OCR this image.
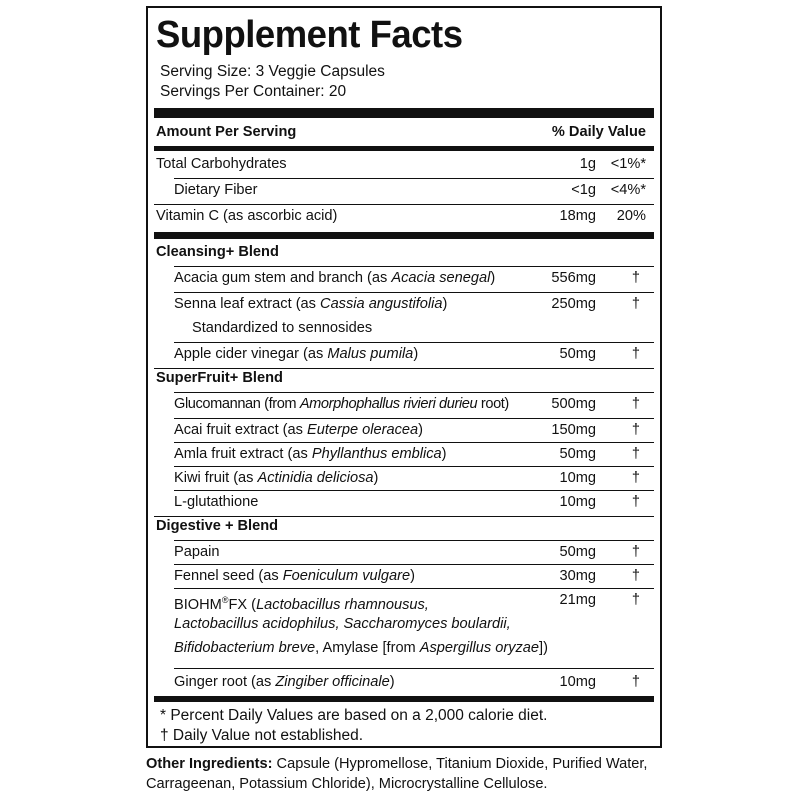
Supplement Facts
Serving Size: 3 Veggie Capsules
Servings Per Container: 20
Amount Per Serving	% Daily Value
Total Carbohydrates	1g <1%*
Dietary Fiber	<1g <4%*
Vitamin C (as ascorbic acid)	18mg 20%
Cleansing+ Blend
Acacia gum stem and branch (as Acacia senegal)	556mg †
Senna leaf extract (as Cassia angustifolia)	250mg †
Standardized to sennosides
Apple cider vinegar (as Malus pumila)	50mg †
SuperFruit+ Blend
Glucomannan (from Amorphophallus rivieri durieu root)	500mg †
Acai fruit extract (as Euterpe oleracea)	150mg †
Amla fruit extract (as Phyllanthus emblica)	50mg †
Kiwi fruit (as Actinidia deliciosa)	10mg †
L-glutathione	10mg †
Digestive + Blend
Papain	50mg †
Fennel seed (as Foeniculum vulgare)	30mg †
BIOHM®FX (Lactobacillus rhamnousus,	21mg †
Lactobacillus acidophilus, Saccharomyces boulardii,
Bifidobacterium breve, Amylase [from Aspergillus oryzae])
Ginger root (as Zingiber officinale)	10mg †
* Percent Daily Values are based on a 2,000 calorie diet.
† Daily Value not established.
Other Ingredients: Capsule (Hypromellose, Titanium Dioxide, Purified Water, Carrageenan, Potassium Chloride), Microcrystalline Cellulose.
